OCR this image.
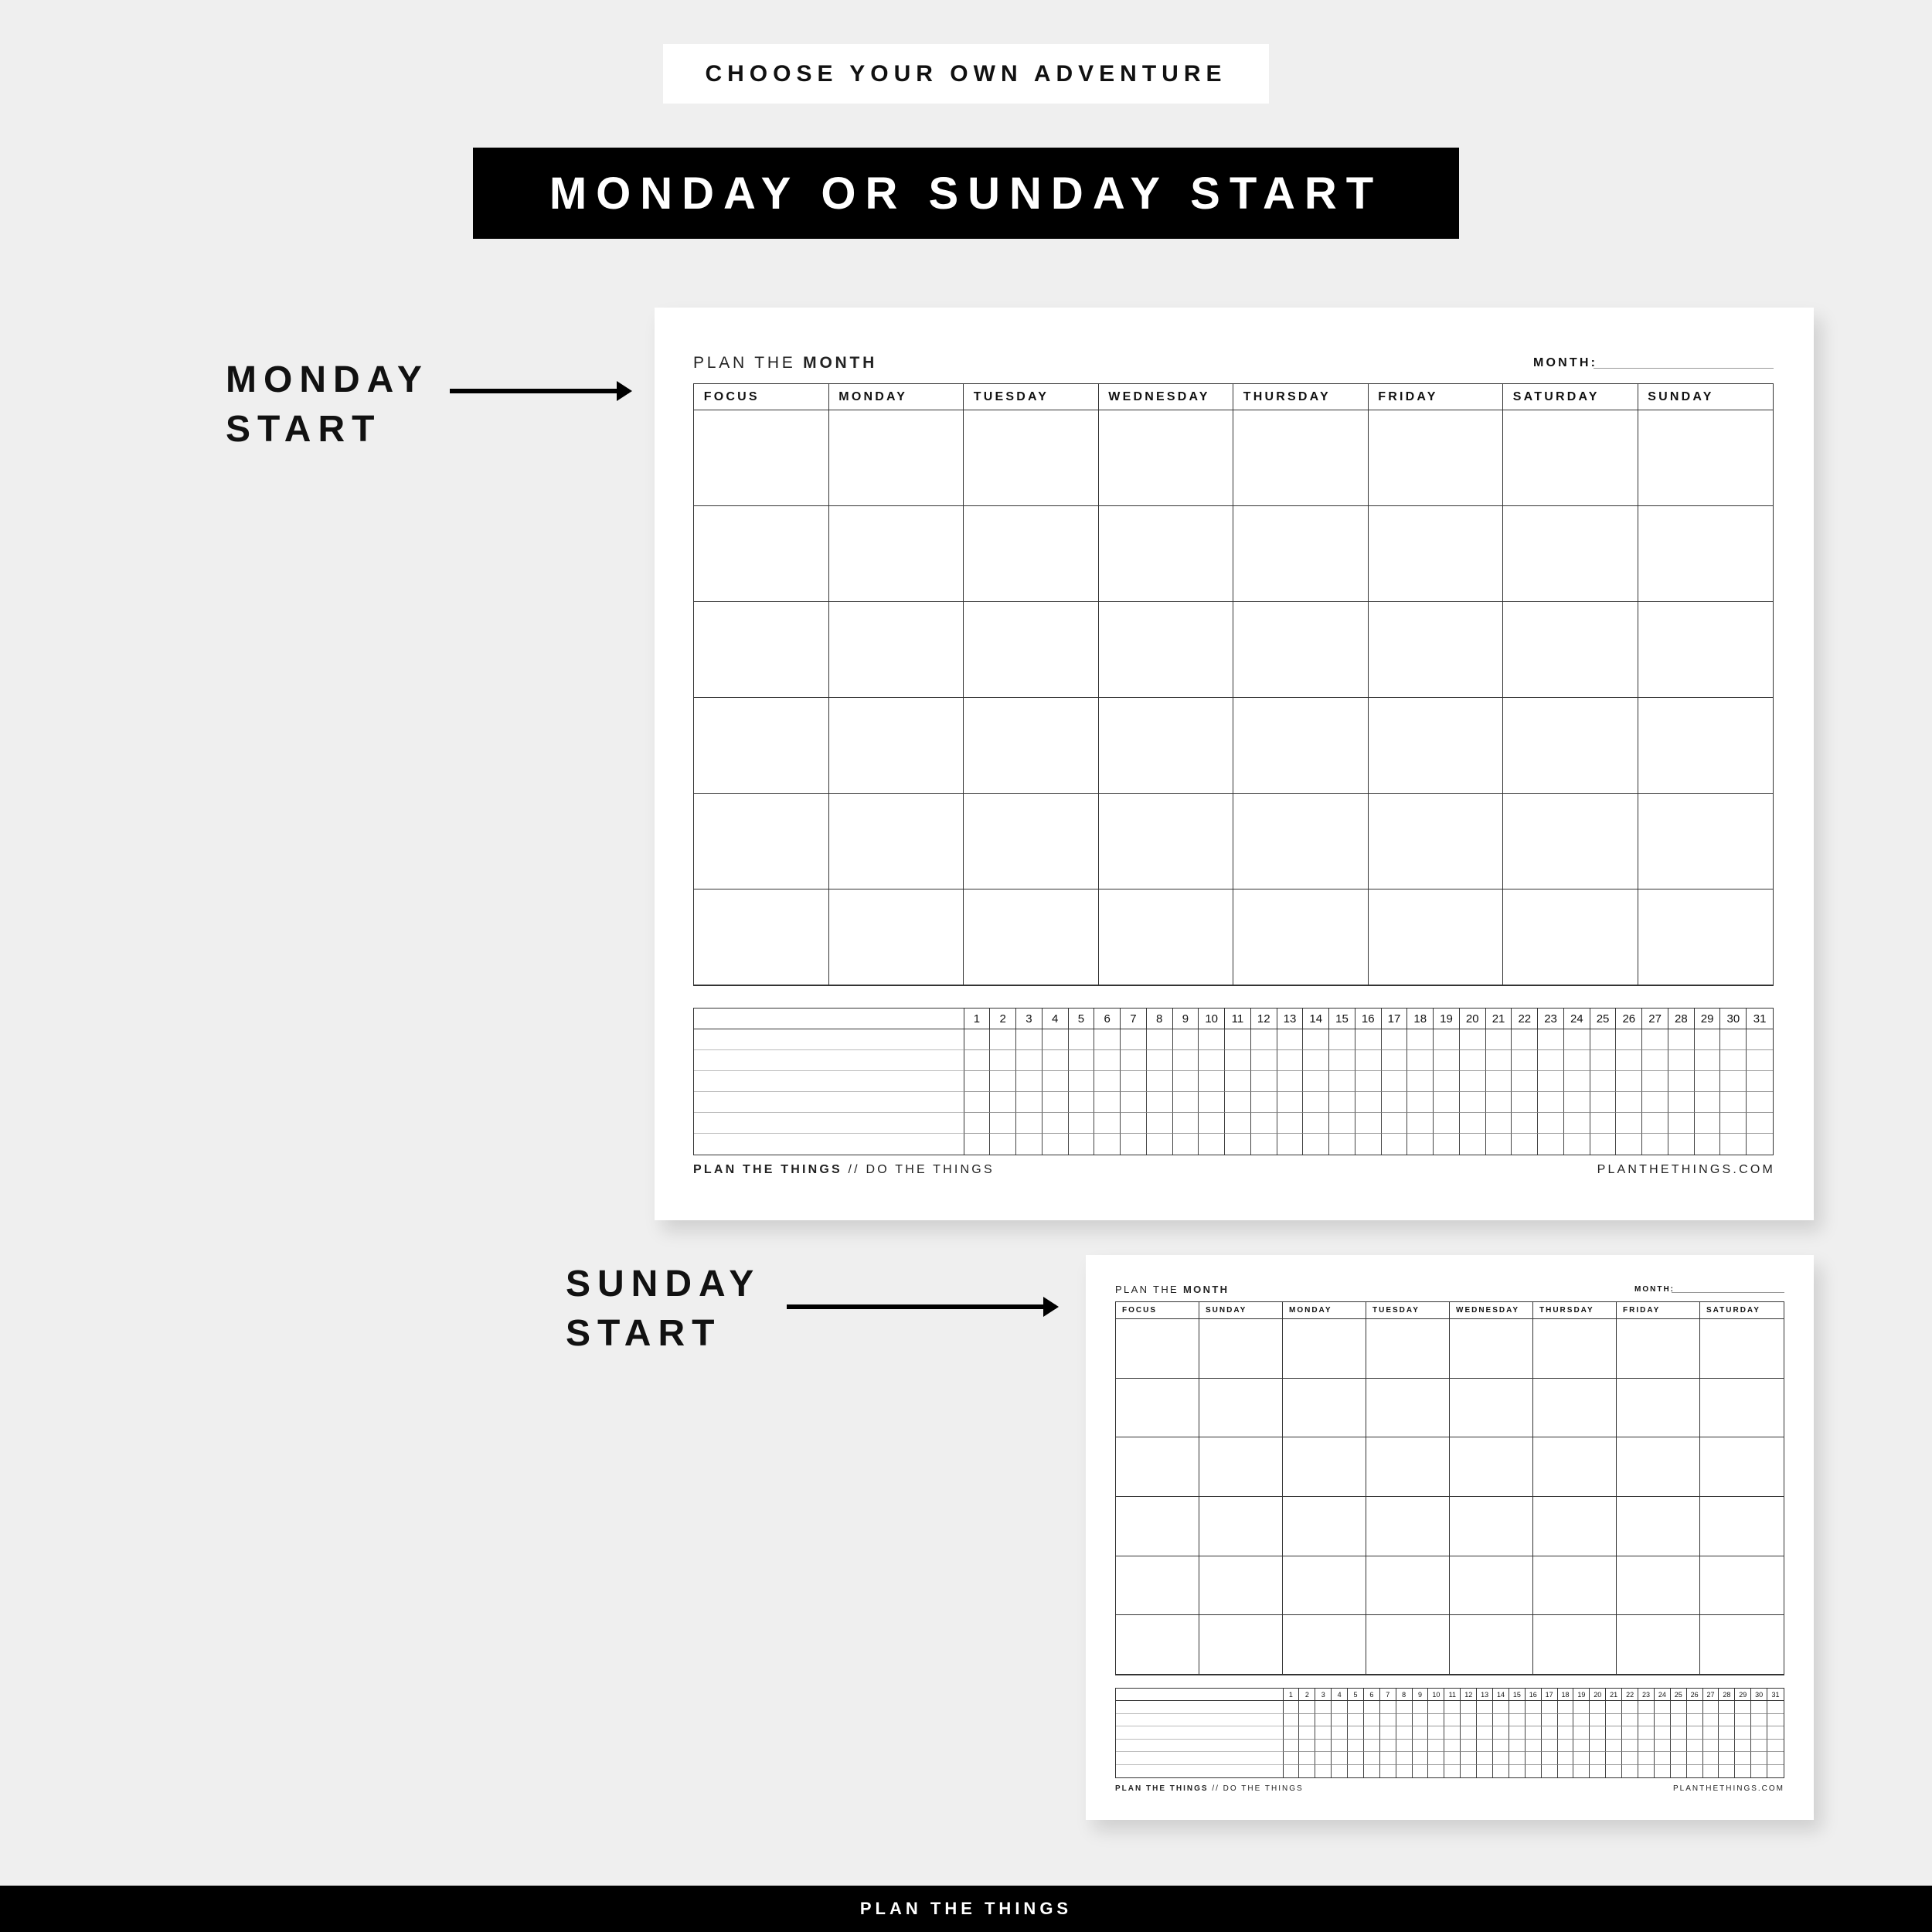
CHOOSE YOUR OWN ADVENTURE
MONDAY OR SUNDAY START
MONDAY
START
SUNDAY
START
PLAN THE MONTH	MONTH:
FOCUS	MONDAY	TUESDAY	WEDNESDAY	THURSDAY	FRIDAY	SATURDAY	SUNDAY
1	2	3	4	5	6	7	8	9	10	11	12	13	14	15	16	17	18	19	20	21	22	23	24	25	26	27	28	29	30	31
PLAN THE THINGS // DO THE THINGS	PLANTHETHINGS.COM
PLAN THE MONTH	MONTH:
FOCUS	SUNDAY	MONDAY	TUESDAY	WEDNESDAY	THURSDAY	FRIDAY	SATURDAY
1	2	3	4	5	6	7	8	9	10	11	12	13	14	15	16	17	18	19	20	21	22	23	24	25	26	27	28	29	30	31
PLAN THE THINGS // DO THE THINGS	PLANTHETHINGS.COM
PLAN THE THINGS
